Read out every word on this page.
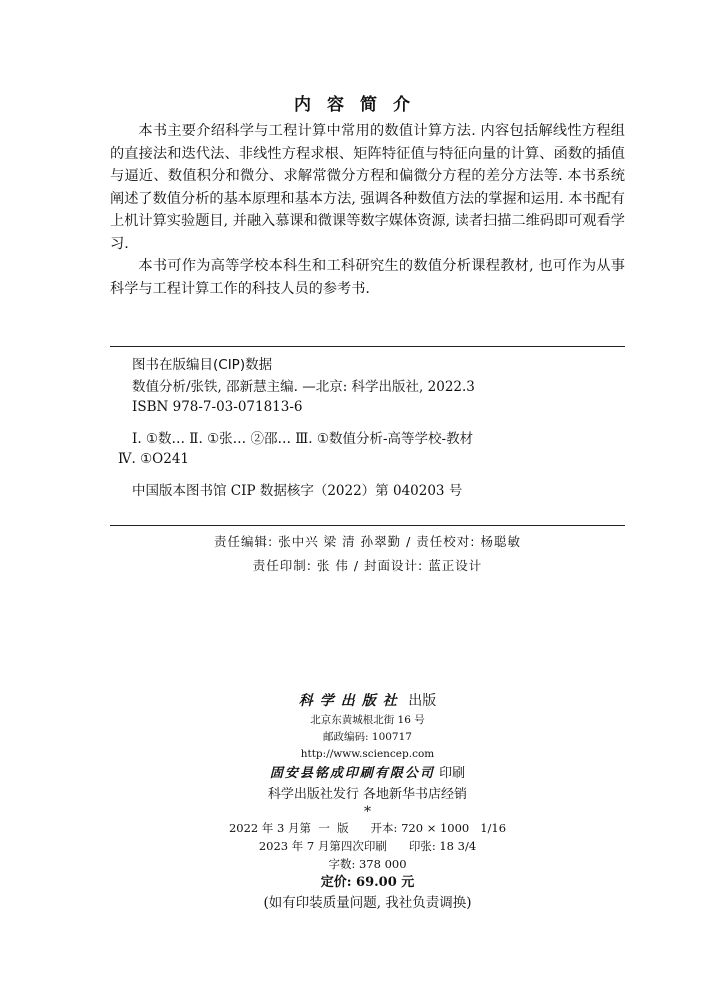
内容简介

本书主要介绍科学与工程计算中常用的数值计算方法. 内容包括解线性方程组的直接法和迭代法、非线性方程求根、矩阵特征值与特征向量的计算、函数的插值与逼近、数值积分和微分、求解常微分方程和偏微分方程的差分方法等. 本书系统阐述了数值分析的基本原理和基本方法, 强调各种数值方法的掌握和运用. 本书配有上机计算实验题目, 并融入慕课和微课等数字媒体资源, 读者扫描二维码即可观看学习.

本书可作为高等学校本科生和工科研究生的数值分析课程教材, 也可作为从事科学与工程计算工作的科技人员的参考书.

图书在版编目(CIP)数据
数值分析/张铁, 邵新慧主编. —北京: 科学出版社, 2022.3
ISBN 978-7-03-071813-6
Ⅰ. ①数… Ⅱ. ①张… ②邵… Ⅲ. ①数值分析-高等学校-教材
Ⅳ. ①O241
中国版本图书馆 CIP 数据核字（2022）第 040203 号
责任编辑: 张中兴 梁 清 孙翠勤 / 责任校对: 杨聪敏
责任印制: 张 伟 / 封面设计: 蓝正设计
科学出版社 出版
北京东黄城根北街 16 号
邮政编码: 100717
http://www.sciencep.com
固安县铭成印刷有限公司 印刷
科学出版社发行 各地新华书店经销
*
2022 年 3 月第  一  版      开本: 720 × 1000   1/16
2023 年 7 月第四次印刷      印张: 18 3/4
字数: 378 000
定价: 69.00 元
(如有印装质量问题, 我社负责调换)
